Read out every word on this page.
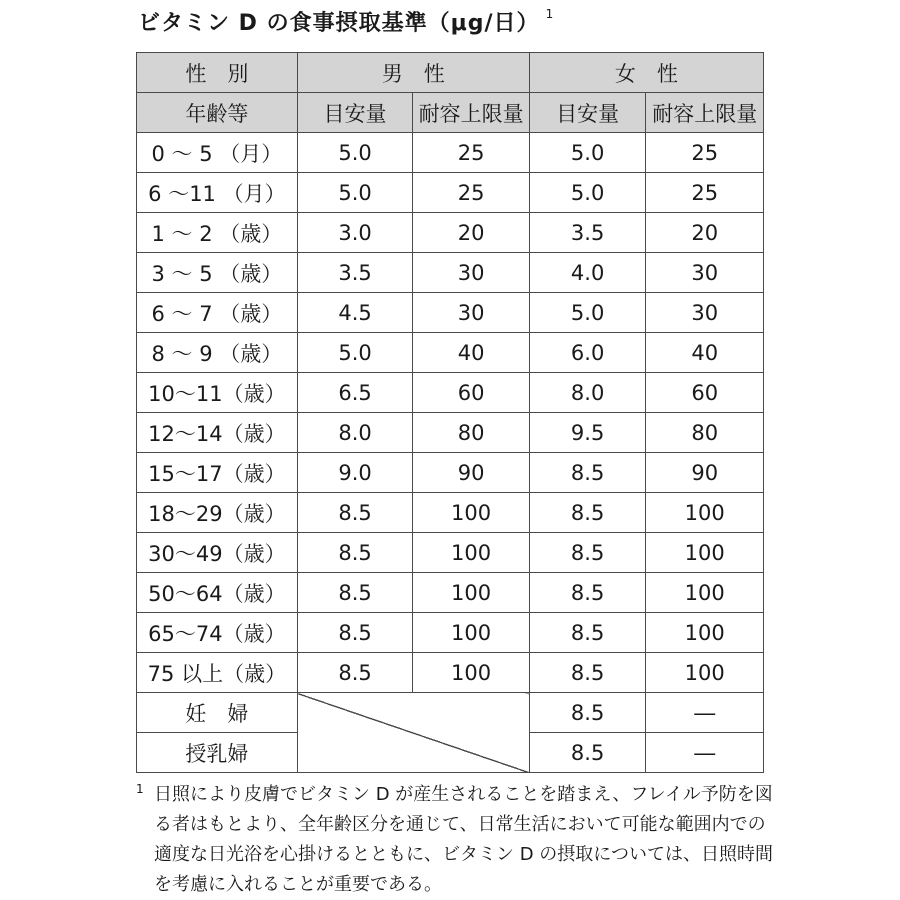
ビタミン D の食事摂取基準（μg/日） $^1$
性　別	男　性		女　性	
年齢等	目安量	耐容上限量	目安量	耐容上限量
0 ～ 5 （月）	5.0	25	5.0	25
6 ～11 （月）	5.0	25	5.0	25
1 ～ 2 （歳）	3.0	20	3.5	20
3 ～ 5 （歳）	3.5	30	4.0	30
6 ～ 7 （歳）	4.5	30	5.0	30
8 ～ 9 （歳）	5.0	40	6.0	40
10～11（歳）	6.5	60	8.0	60
12～14（歳）	8.0	80	9.5	80
15～17（歳）	9.0	90	8.5	90
18～29（歳）	8.5	100	8.5	100
30～49（歳）	8.5	100	8.5	100
50～64（歳）	8.5	100	8.5	100
65～74（歳）	8.5	100	8.5	100
75 以上（歳）	8.5	100	8.5	100
妊　婦			8.5	―
授乳婦			8.5	―
1 日照により皮膚でビタミン D が産生されることを踏まえ、フレイル予防を図る者はもとより、全年齢区分を通じて、日常生活において可能な範囲内での適度な日光浴を心掛けるとともに、ビタミン D の摂取については、日照時間を考慮に入れることが重要である。
